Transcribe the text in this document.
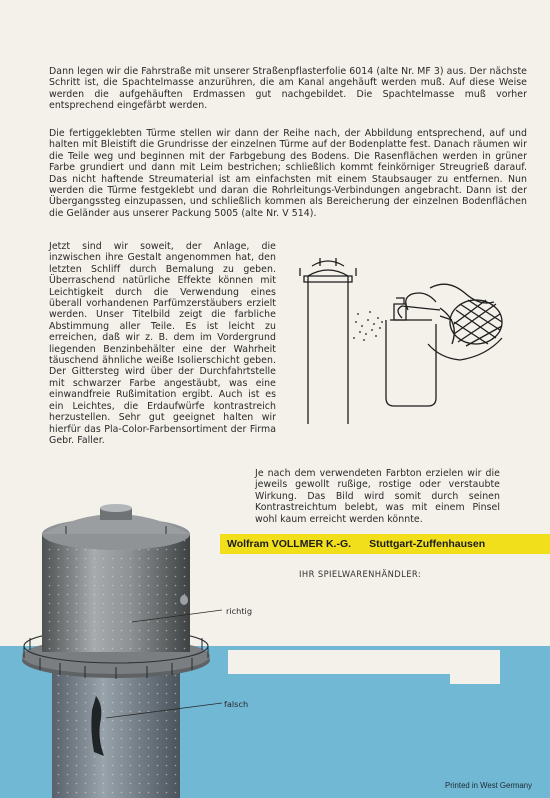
Dann legen wir die Fahrstraße mit unserer Straßenpflasterfolie 6014 (alte Nr. MF 3) aus. Der nächste Schritt ist, die Spachtelmasse anzurühren, die am Kanal angehäuft werden muß. Auf diese Weise werden die aufgehäuften Erdmassen gut nachgebildet. Die Spachtelmasse muß vorher entsprechend eingefärbt werden.

Die fertiggeklebten Türme stellen wir dann der Reihe nach, der Abbildung entsprechend, auf und halten mit Bleistift die Grundrisse der einzelnen Türme auf der Bodenplatte fest. Danach räumen wir die Teile weg und beginnen mit der Farbgebung des Bodens. Die Rasenflächen werden in grüner Farbe grundiert und dann mit Leim bestrichen; schließlich kommt feinkörniger Streugrieß darauf. Das nicht haftende Streumaterial ist am einfachsten mit einem Staubsauger zu entfernen. Nun werden die Türme festgeklebt und daran die Rohrleitungs-Verbindungen angebracht. Dann ist der Übergangssteg einzupassen, und schließlich kommen als Bereicherung der einzelnen Bodenflächen die Geländer aus unserer Packung 5005 (alte Nr. V 514).

Jetzt sind wir soweit, der Anlage, die inzwischen ihre Gestalt angenommen hat, den letzten Schliff durch Bemalung zu geben. Überraschend natürliche Effekte können mit Leichtigkeit durch die Verwendung eines überall vorhandenen Parfümzerstäubers erzielt werden. Unser Titelbild zeigt die farbliche Abstimmung aller Teile. Es ist leicht zu erreichen, daß wir z. B. dem im Vordergrund liegenden Benzinbehälter eine der Wahrheit täuschend ähnliche weiße Isolierschicht geben. Der Gittersteg wird über der Durchfahrtstelle mit schwarzer Farbe angestäubt, was eine einwandfreie Rußimitation ergibt. Auch ist es ein Leichtes, die Erdaufwürfe kontrastreich herzustellen. Sehr gut geeignet halten wir hierfür das Pla-Color-Farbensortiment der Firma Gebr. Faller.

Je nach dem verwendeten Farbton erzielen wir die jeweils gewollt rußige, rostige oder verstaubte Wirkung. Das Bild wird somit durch seinen Kontrastreichtum belebt, was mit einem Pinsel wohl kaum erreicht werden könnte.

Wolfram VOLLMER K.-G. Stuttgart-Zuffenhausen
IHR SPIELWARENHÄNDLER:
richtig
falsch
Printed in West Germany
